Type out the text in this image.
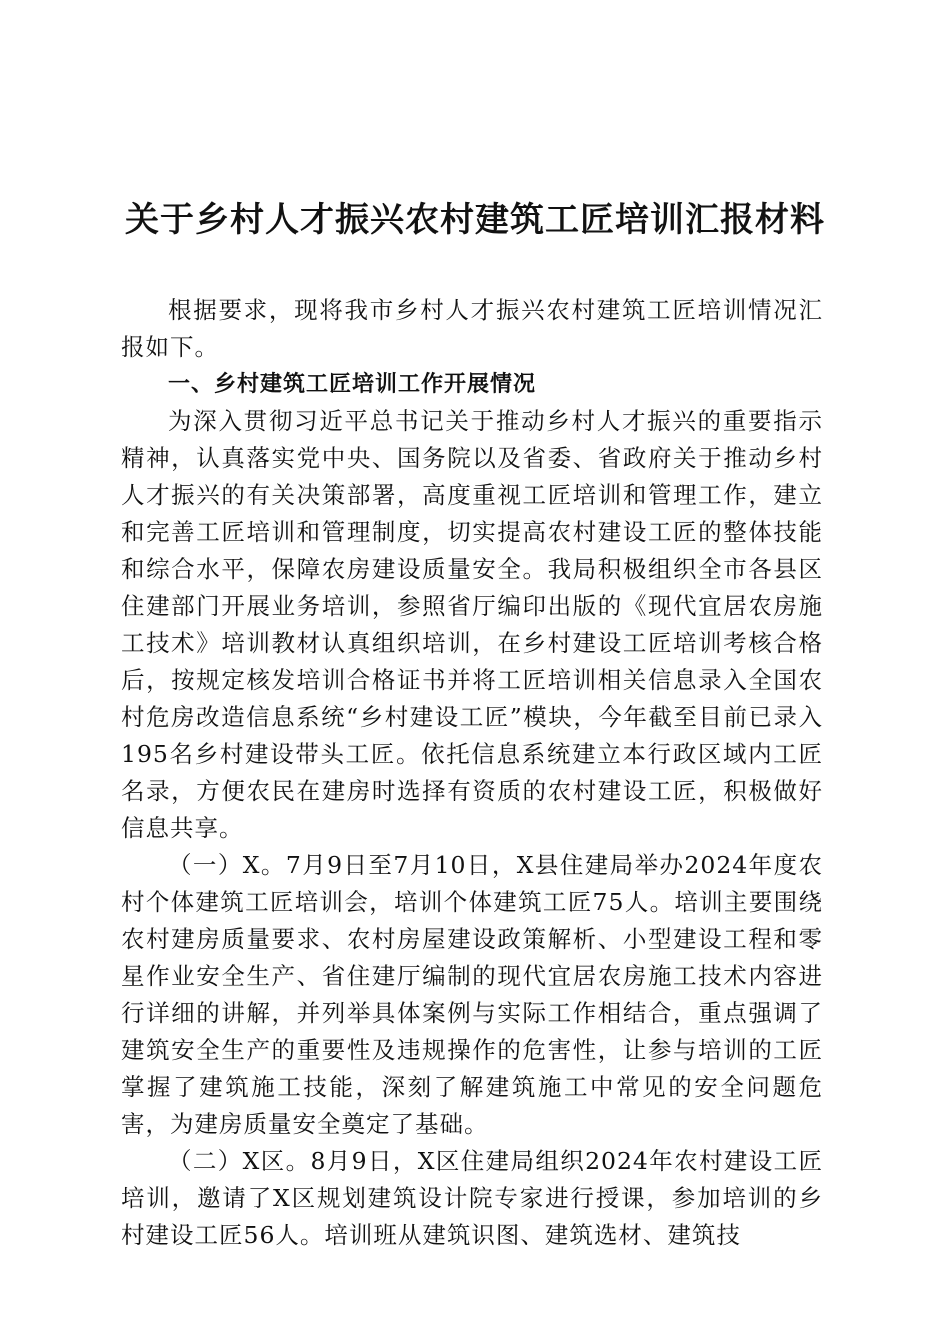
关于乡村人才振兴农村建筑工匠培训汇报材料

根据要求，现将我市乡村人才振兴农村建筑工匠培训情况汇报如下。

一、乡村建筑工匠培训工作开展情况

为深入贯彻习近平总书记关于推动乡村人才振兴的重要指示精神，认真落实党中央、国务院以及省委、省政府关于推动乡村人才振兴的有关决策部署，高度重视工匠培训和管理工作，建立和完善工匠培训和管理制度，切实提高农村建设工匠的整体技能和综合水平，保障农房建设质量安全。我局积极组织全市各县区住建部门开展业务培训，参照省厅编印出版的《现代宜居农房施工技术》培训教材认真组织培训，在乡村建设工匠培训考核合格后，按规定核发培训合格证书并将工匠培训相关信息录入全国农村危房改造信息系统“乡村建设工匠”模块，今年截至目前已录入195名乡村建设带头工匠。依托信息系统建立本行政区域内工匠名录，方便农民在建房时选择有资质的农村建设工匠，积极做好信息共享。

（一）X。7月9日至7月10日，X县住建局举办2024年度农村个体建筑工匠培训会，培训个体建筑工匠75人。培训主要围绕农村建房质量要求、农村房屋建设政策解析、小型建设工程和零星作业安全生产、省住建厅编制的现代宜居农房施工技术内容进行详细的讲解，并列举具体案例与实际工作相结合，重点强调了建筑安全生产的重要性及违规操作的危害性，让参与培训的工匠掌握了建筑施工技能，深刻了解建筑施工中常见的安全问题危害，为建房质量安全奠定了基础。

（二）X区。8月9日，X区住建局组织2024年农村建设工匠培训，邀请了X区规划建筑设计院专家进行授课，参加培训的乡村建设工匠56人。培训班从建筑识图、建筑选材、建筑技
